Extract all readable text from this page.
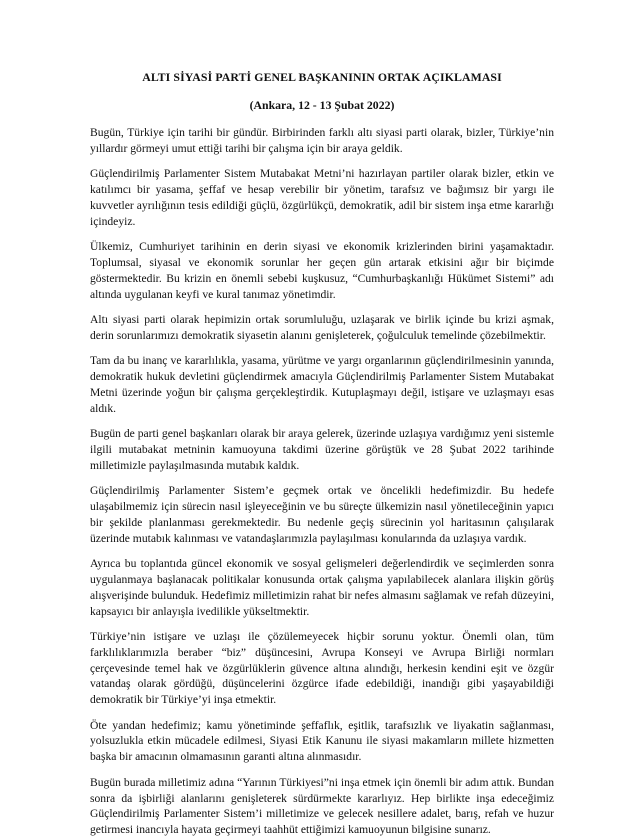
ALTI SİYASİ PARTİ GENEL BAŞKANININ ORTAK AÇIKLAMASI
(Ankara, 12 - 13 Şubat 2022)

Bugün, Türkiye için tarihi bir gündür. Birbirinden farklı altı siyasi parti olarak, bizler, Türkiye’nin yıllardır görmeyi umut ettiği tarihi bir çalışma için bir araya geldik.

Güçlendirilmiş Parlamenter Sistem Mutabakat Metni’ni hazırlayan partiler olarak bizler, etkin ve katılımcı bir yasama, şeffaf ve hesap verebilir bir yönetim, tarafsız ve bağımsız bir yargı ile kuvvetler ayrılığının tesis edildiği güçlü, özgürlükçü, demokratik, adil bir sistem inşa etme kararlığı içindeyiz.

Ülkemiz, Cumhuriyet tarihinin en derin siyasi ve ekonomik krizlerinden birini yaşamaktadır. Toplumsal, siyasal ve ekonomik sorunlar her geçen gün artarak etkisini ağır bir biçimde göstermektedir. Bu krizin en önemli sebebi kuşkusuz, “Cumhurbaşkanlığı Hükümet Sistemi” adı altında uygulanan keyfi ve kural tanımaz yönetimdir.

Altı siyasi parti olarak hepimizin ortak sorumluluğu, uzlaşarak ve birlik içinde bu krizi aşmak, derin sorunlarımızı demokratik siyasetin alanını genişleterek, çoğulculuk temelinde çözebilmektir.

Tam da bu inanç ve kararlılıkla, yasama, yürütme ve yargı organlarının güçlendirilmesinin yanında, demokratik hukuk devletini güçlendirmek amacıyla Güçlendirilmiş Parlamenter Sistem Mutabakat Metni üzerinde yoğun bir çalışma gerçekleştirdik. Kutuplaşmayı değil, istişare ve uzlaşmayı esas aldık.

Bugün de parti genel başkanları olarak bir araya gelerek, üzerinde uzlaşıya vardığımız yeni sistemle ilgili mutabakat metninin kamuoyuna takdimi üzerine görüştük ve 28 Şubat 2022 tarihinde milletimizle paylaşılmasında mutabık kaldık.

Güçlendirilmiş Parlamenter Sistem’e geçmek ortak ve öncelikli hedefimizdir. Bu hedefe ulaşabilmemiz için sürecin nasıl işleyeceğinin ve bu süreçte ülkemizin nasıl yönetileceğinin yapıcı bir şekilde planlanması gerekmektedir. Bu nedenle geçiş sürecinin yol haritasının çalışılarak üzerinde mutabık kalınması ve vatandaşlarımızla paylaşılması konularında da uzlaşıya vardık.

Ayrıca bu toplantıda güncel ekonomik ve sosyal gelişmeleri değerlendirdik ve seçimlerden sonra uygulanmaya başlanacak politikalar konusunda ortak çalışma yapılabilecek alanlara ilişkin görüş alışverişinde bulunduk. Hedefimiz milletimizin rahat bir nefes almasını sağlamak ve refah düzeyini, kapsayıcı bir anlayışla ivedilikle yükseltmektir.

Türkiye’nin istişare ve uzlaşı ile çözülemeyecek hiçbir sorunu yoktur. Önemli olan, tüm farklılıklarımızla beraber “biz” düşüncesini, Avrupa Konseyi ve Avrupa Birliği normları çerçevesinde temel hak ve özgürlüklerin güvence altına alındığı, herkesin kendini eşit ve özgür vatandaş olarak gördüğü, düşüncelerini özgürce ifade edebildiği, inandığı gibi yaşayabildiği demokratik bir Türkiye’yi inşa etmektir.

Öte yandan hedefimiz; kamu yönetiminde şeffaflık, eşitlik, tarafsızlık ve liyakatin sağlanması, yolsuzlukla etkin mücadele edilmesi, Siyasi Etik Kanunu ile siyasi makamların millete hizmetten başka bir amacının olmamasının garanti altına alınmasıdır.

Bugün burada milletimiz adına “Yarının Türkiyesi”ni inşa etmek için önemli bir adım attık. Bundan sonra da işbirliği alanlarını genişleterek sürdürmekte kararlıyız. Hep birlikte inşa edeceğimiz Güçlendirilmiş Parlamenter Sistem’i milletimize ve gelecek nesillere adalet, barış, refah ve huzur getirmesi inancıyla hayata geçirmeyi taahhüt ettiğimizi kamuoyunun bilgisine sunarız.
